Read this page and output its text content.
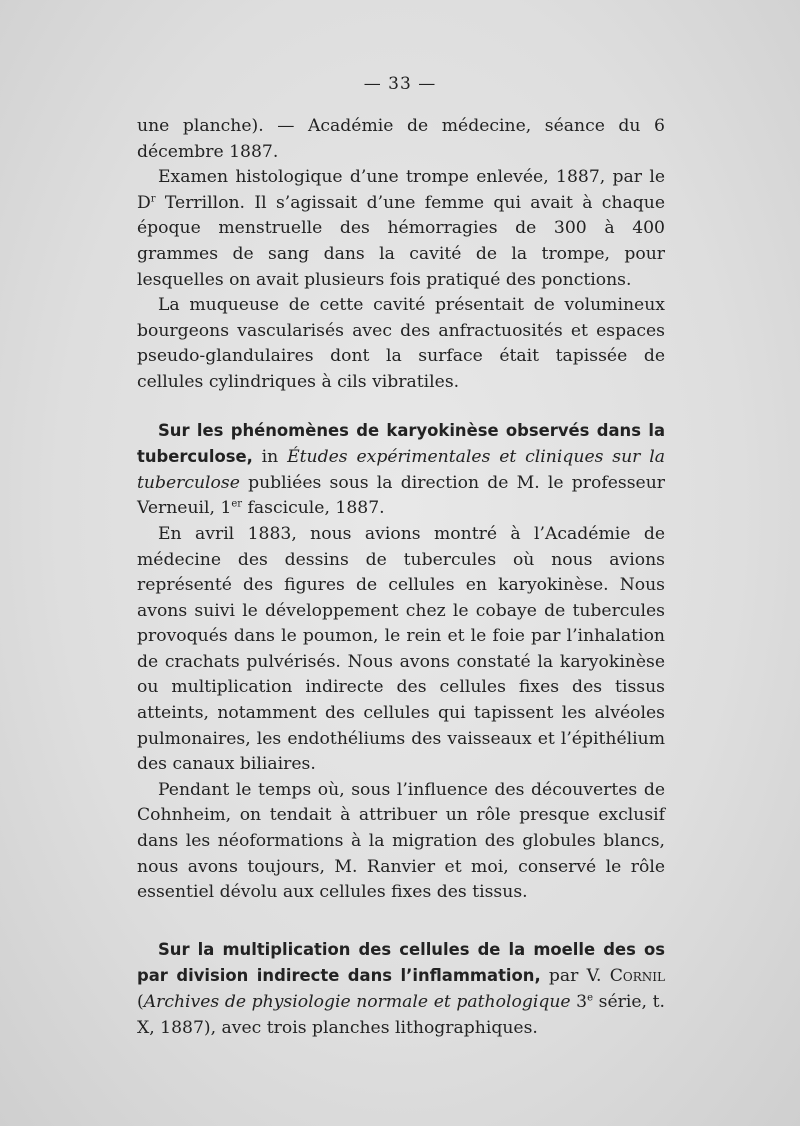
— 33 —

une planche). — Académie de médecine, séance du 6 décembre 1887.

Examen histologique d’une trompe enlevée, 1887, par le $D^r$ Terrillon. Il s’agissait d’une femme qui avait à chaque époque menstruelle des hémorragies de 300 à 400 grammes de sang dans la cavité de la trompe, pour lesquelles on avait plusieurs fois pratiqué des ponctions.

La muqueuse de cette cavité présentait de volumineux bourgeons vascularisés avec des anfractuosités et espaces pseudo-glandulaires dont la surface était tapissée de cellules cylindriques à cils vibratiles.

Sur les phénomènes de karyokinèse observés dans la tuberculose, in Études expérimentales et cliniques sur la tuberculose publiées sous la direction de M. le professeur Verneuil, 1er fascicule, 1887.

En avril 1883, nous avions montré à l’Académie de médecine des dessins de tubercules où nous avions représenté des figures de cellules en karyokinèse. Nous avons suivi le développement chez le cobaye de tubercules provoqués dans le poumon, le rein et le foie par l’inhalation de crachats pulvérisés. Nous avons constaté la karyokinèse ou multiplication indirecte des cellules fixes des tissus atteints, notamment des cellules qui tapissent les alvéoles pulmonaires, les endothéliums des vaisseaux et l’épithélium des canaux biliaires.

Pendant le temps où, sous l’influence des découvertes de Cohnheim, on tendait à attribuer un rôle presque exclusif dans les néoformations à la migration des globules blancs, nous avons toujours, M. Ranvier et moi, conservé le rôle essentiel dévolu aux cellules fixes des tissus.

Sur la multiplication des cellules de la moelle des os par division indirecte dans l’inflammation, par V. Cornil (Archives de physiologie normale et pathologique 3e série, t. X, 1887), avec trois planches lithographiques.
